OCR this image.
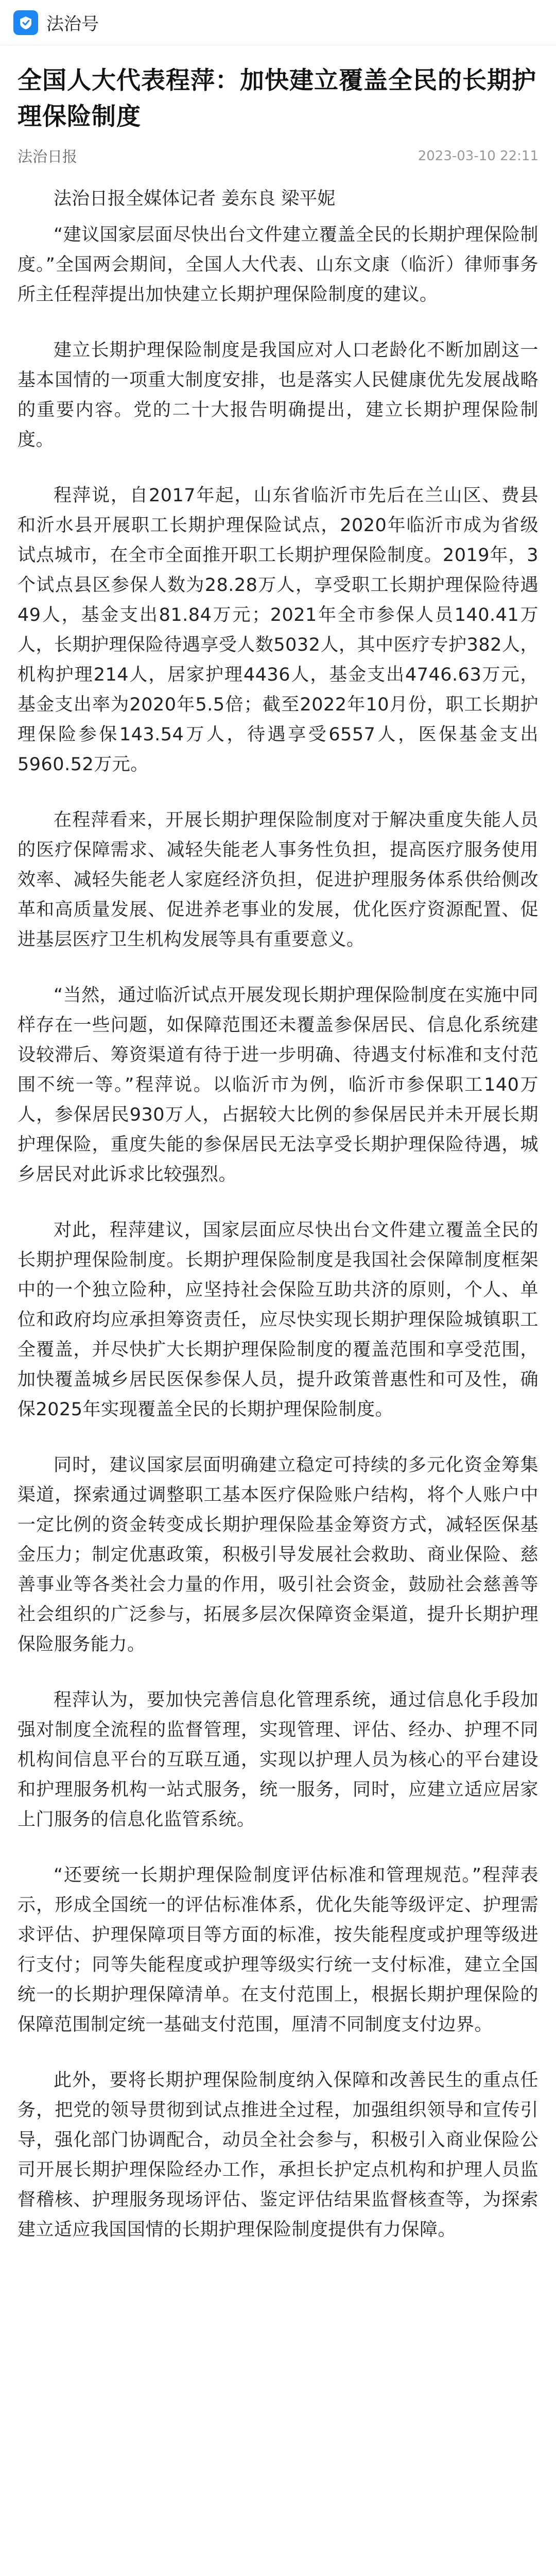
法治号
全国人大代表程萍：加快建立覆盖全民的长期护理保险制度
法治日报	2023-03-10 22:11

法治日报全媒体记者 姜东良 梁平妮

“建议国家层面尽快出台文件建立覆盖全民的长期护理保险制度。”全国两会期间，全国人大代表、山东文康（临沂）律师事务所主任程萍提出加快建立长期护理保险制度的建议。

建立长期护理保险制度是我国应对人口老龄化不断加剧这一基本国情的一项重大制度安排，也是落实人民健康优先发展战略的重要内容。党的二十大报告明确提出，建立长期护理保险制度。

程萍说，自2017年起，山东省临沂市先后在兰山区、费县和沂水县开展职工长期护理保险试点，2020年临沂市成为省级试点城市，在全市全面推开职工长期护理保险制度。2019年，3个试点县区参保人数为28.28万人，享受职工长期护理保险待遇49人，基金支出81.84万元；2021年全市参保人员140.41万人，长期护理保险待遇享受人数5032人，其中医疗专护382人，机构护理214人，居家护理4436人，基金支出4746.63万元，基金支出率为2020年5.5倍；截至2022年10月份，职工长期护理保险参保143.54万人，待遇享受6557人，医保基金支出5960.52万元。

在程萍看来，开展长期护理保险制度对于解决重度失能人员的医疗保障需求、减轻失能老人事务性负担，提高医疗服务使用效率、减轻失能老人家庭经济负担，促进护理服务体系供给侧改革和高质量发展、促进养老事业的发展，优化医疗资源配置、促进基层医疗卫生机构发展等具有重要意义。

“当然，通过临沂试点开展发现长期护理保险制度在实施中同样存在一些问题，如保障范围还未覆盖参保居民、信息化系统建设较滞后、筹资渠道有待于进一步明确、待遇支付标准和支付范围不统一等。”程萍说。以临沂市为例，临沂市参保职工140万人，参保居民930万人，占据较大比例的参保居民并未开展长期护理保险，重度失能的参保居民无法享受长期护理保险待遇，城乡居民对此诉求比较强烈。

对此，程萍建议，国家层面应尽快出台文件建立覆盖全民的长期护理保险制度。长期护理保险制度是我国社会保障制度框架中的一个独立险种，应坚持社会保险互助共济的原则，个人、单位和政府均应承担筹资责任，应尽快实现长期护理保险城镇职工全覆盖，并尽快扩大长期护理保险制度的覆盖范围和享受范围，加快覆盖城乡居民医保参保人员，提升政策普惠性和可及性，确保2025年实现覆盖全民的长期护理保险制度。

同时，建议国家层面明确建立稳定可持续的多元化资金筹集渠道，探索通过调整职工基本医疗保险账户结构，将个人账户中一定比例的资金转变成长期护理保险基金筹资方式，减轻医保基金压力；制定优惠政策，积极引导发展社会救助、商业保险、慈善事业等各类社会力量的作用，吸引社会资金，鼓励社会慈善等社会组织的广泛参与，拓展多层次保障资金渠道，提升长期护理保险服务能力。

程萍认为，要加快完善信息化管理系统，通过信息化手段加强对制度全流程的监督管理，实现管理、评估、经办、护理不同机构间信息平台的互联互通，实现以护理人员为核心的平台建设和护理服务机构一站式服务，统一服务，同时，应建立适应居家上门服务的信息化监管系统。

“还要统一长期护理保险制度评估标准和管理规范。”程萍表示，形成全国统一的评估标准体系，优化失能等级评定、护理需求评估、护理保障项目等方面的标准，按失能程度或护理等级进行支付；同等失能程度或护理等级实行统一支付标准，建立全国统一的长期护理保障清单。在支付范围上，根据长期护理保险的保障范围制定统一基础支付范围，厘清不同制度支付边界。

此外，要将长期护理保险制度纳入保障和改善民生的重点任务，把党的领导贯彻到试点推进全过程，加强组织领导和宣传引导，强化部门协调配合，动员全社会参与，积极引入商业保险公司开展长期护理保险经办工作，承担长护定点机构和护理人员监督稽核、护理服务现场评估、鉴定评估结果监督核查等，为探索建立适应我国国情的长期护理保险制度提供有力保障。
